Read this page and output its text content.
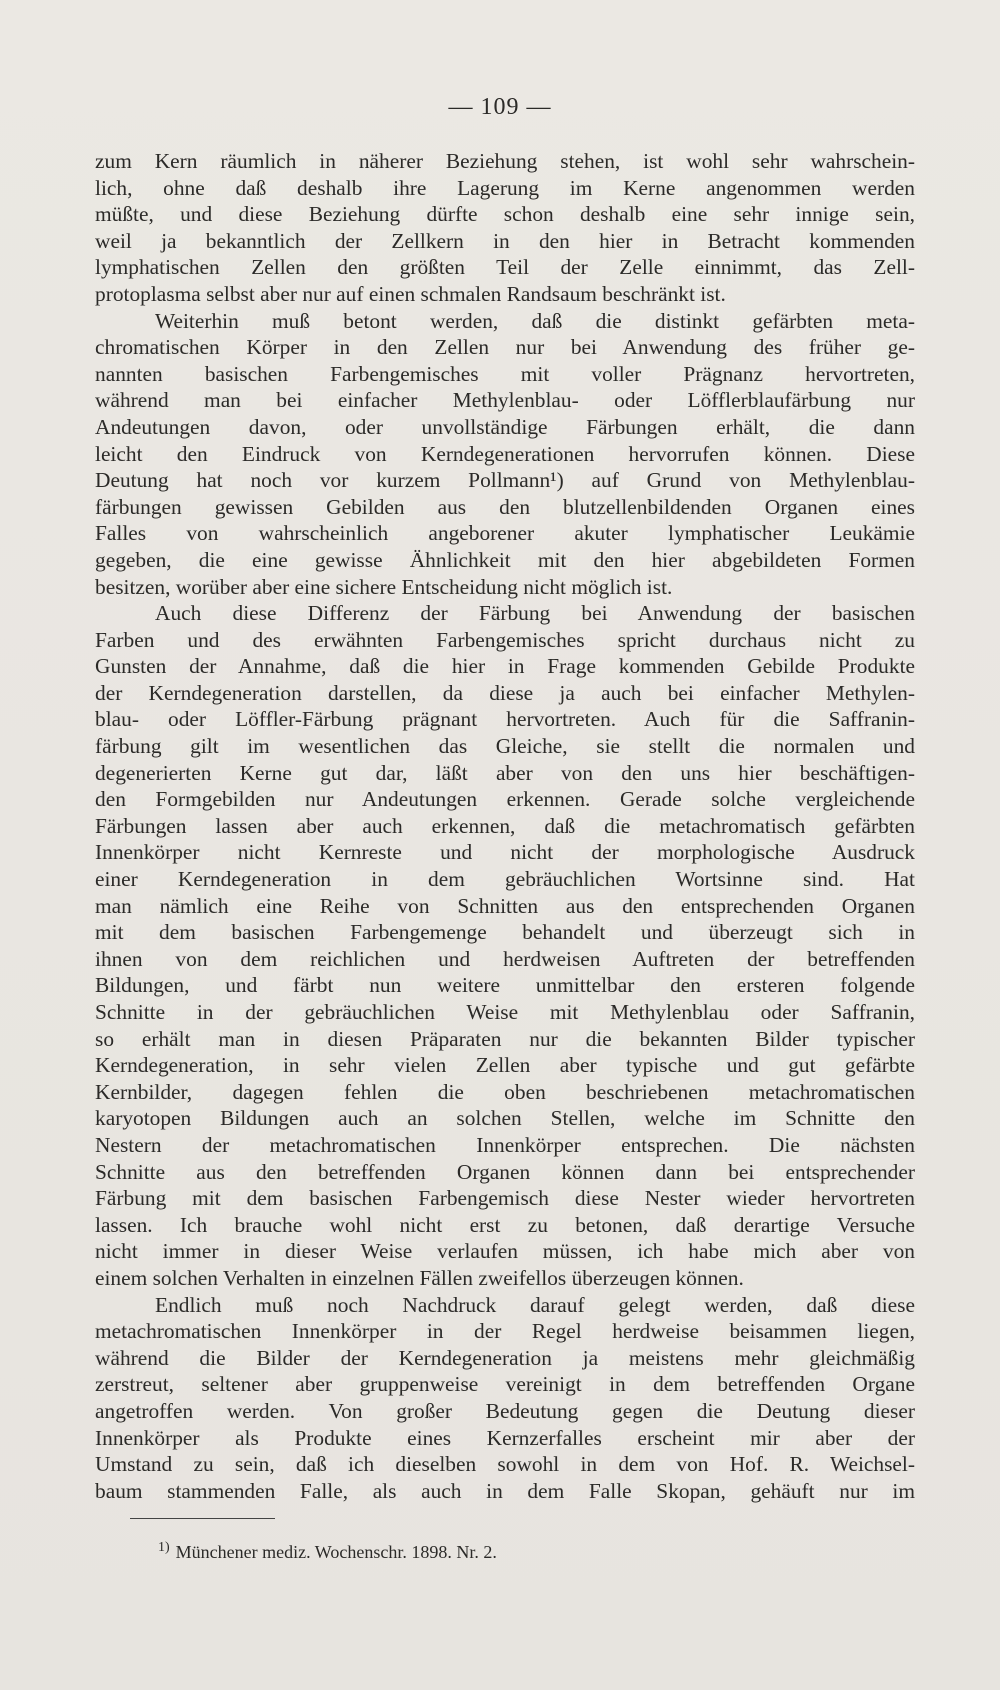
— 109 —
zum Kern räumlich in näherer Beziehung stehen, ist wohl sehr wahrschein-
lich, ohne daß deshalb ihre Lagerung im Kerne angenommen werden
müßte, und diese Beziehung dürfte schon deshalb eine sehr innige sein,
weil ja bekanntlich der Zellkern in den hier in Betracht kommenden
lymphatischen Zellen den größten Teil der Zelle einnimmt, das Zell-
protoplasma selbst aber nur auf einen schmalen Randsaum beschränkt ist.
Weiterhin muß betont werden, daß die distinkt gefärbten meta-
chromatischen Körper in den Zellen nur bei Anwendung des früher ge-
nannten basischen Farbengemisches mit voller Prägnanz hervortreten,
während man bei einfacher Methylenblau- oder Löfflerblaufärbung nur
Andeutungen davon, oder unvollständige Färbungen erhält, die dann
leicht den Eindruck von Kerndegenerationen hervorrufen können. Diese
Deutung hat noch vor kurzem Pollmann¹) auf Grund von Methylenblau-
färbungen gewissen Gebilden aus den blutzellenbildenden Organen eines
Falles von wahrscheinlich angeborener akuter lymphatischer Leukämie
gegeben, die eine gewisse Ähnlichkeit mit den hier abgebildeten Formen
besitzen, worüber aber eine sichere Entscheidung nicht möglich ist.
Auch diese Differenz der Färbung bei Anwendung der basischen
Farben und des erwähnten Farbengemisches spricht durchaus nicht zu
Gunsten der Annahme, daß die hier in Frage kommenden Gebilde Produkte
der Kerndegeneration darstellen, da diese ja auch bei einfacher Methylen-
blau- oder Löffler-Färbung prägnant hervortreten. Auch für die Saffranin-
färbung gilt im wesentlichen das Gleiche, sie stellt die normalen und
degenerierten Kerne gut dar, läßt aber von den uns hier beschäftigen-
den Formgebilden nur Andeutungen erkennen. Gerade solche vergleichende
Färbungen lassen aber auch erkennen, daß die metachromatisch gefärbten
Innenkörper nicht Kernreste und nicht der morphologische Ausdruck
einer Kerndegeneration in dem gebräuchlichen Wortsinne sind. Hat
man nämlich eine Reihe von Schnitten aus den entsprechenden Organen
mit dem basischen Farbengemenge behandelt und überzeugt sich in
ihnen von dem reichlichen und herdweisen Auftreten der betreffenden
Bildungen, und färbt nun weitere unmittelbar den ersteren folgende
Schnitte in der gebräuchlichen Weise mit Methylenblau oder Saffranin,
so erhält man in diesen Präparaten nur die bekannten Bilder typischer
Kerndegeneration, in sehr vielen Zellen aber typische und gut gefärbte
Kernbilder, dagegen fehlen die oben beschriebenen metachromatischen
karyotopen Bildungen auch an solchen Stellen, welche im Schnitte den
Nestern der metachromatischen Innenkörper entsprechen. Die nächsten
Schnitte aus den betreffenden Organen können dann bei entsprechender
Färbung mit dem basischen Farbengemisch diese Nester wieder hervortreten
lassen. Ich brauche wohl nicht erst zu betonen, daß derartige Versuche
nicht immer in dieser Weise verlaufen müssen, ich habe mich aber von
einem solchen Verhalten in einzelnen Fällen zweifellos überzeugen können.
Endlich muß noch Nachdruck darauf gelegt werden, daß diese
metachromatischen Innenkörper in der Regel herdweise beisammen liegen,
während die Bilder der Kerndegeneration ja meistens mehr gleichmäßig
zerstreut, seltener aber gruppenweise vereinigt in dem betreffenden Organe
angetroffen werden. Von großer Bedeutung gegen die Deutung dieser
Innenkörper als Produkte eines Kernzerfalles erscheint mir aber der
Umstand zu sein, daß ich dieselben sowohl in dem von Hof. R. Weichsel-
baum stammenden Falle, als auch in dem Falle Skopan, gehäuft nur im
$^{1)}$ Münchener mediz. Wochenschr. 1898. Nr. 2.
